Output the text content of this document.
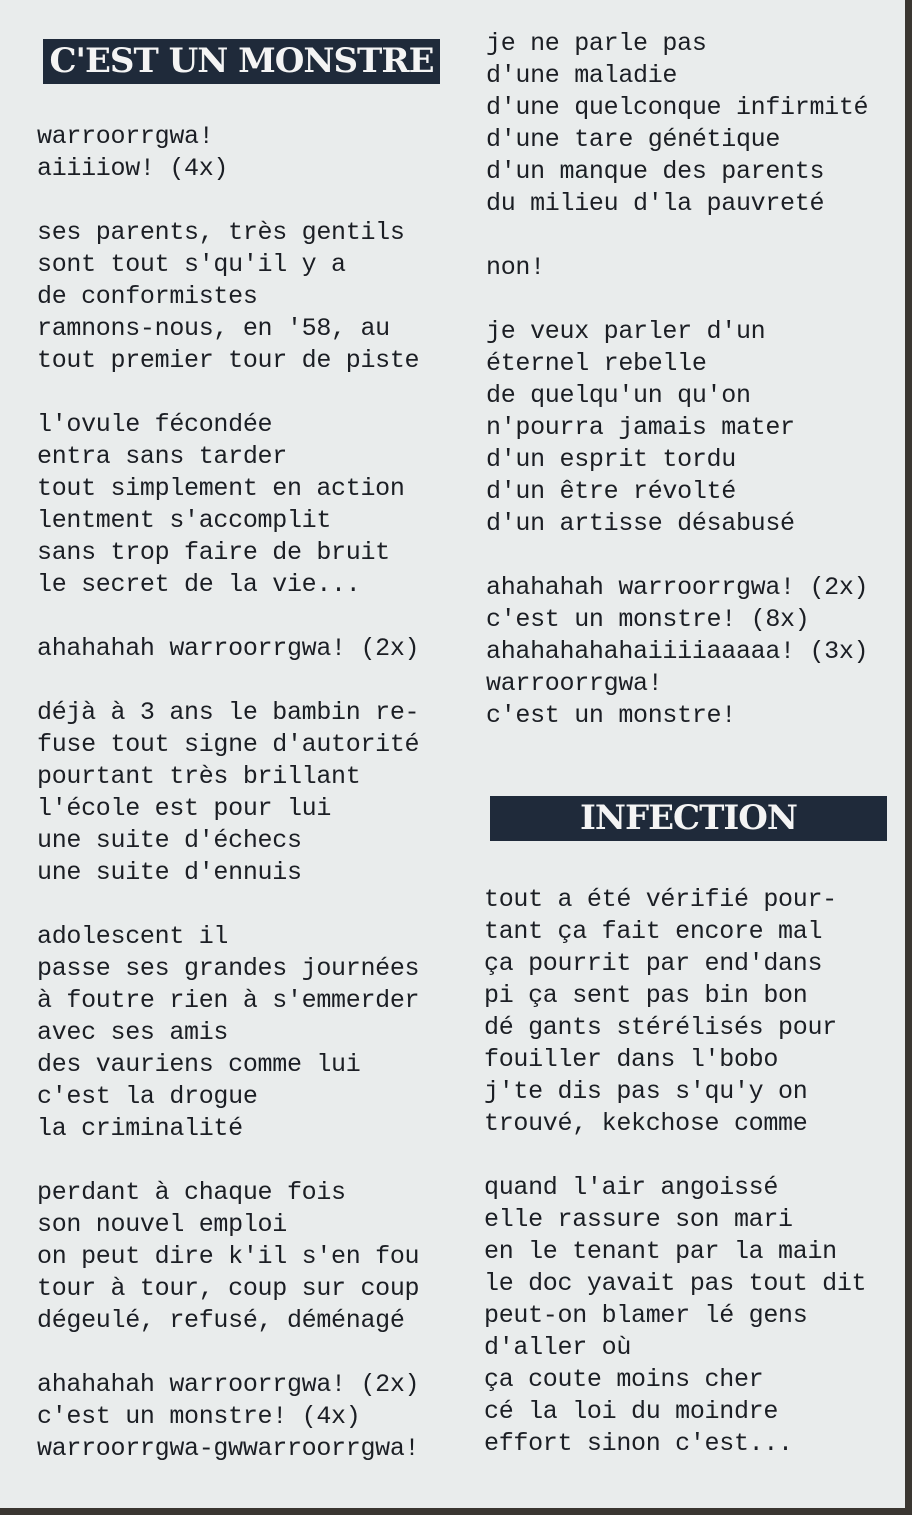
C'EST UN MONSTRE
warroorrgwa!
aiiiiow! (4x)
ses parents, très gentils
sont tout s'qu'il y a
de conformistes
ramnons-nous, en '58, au
tout premier tour de piste
l'ovule fécondée
entra sans tarder
tout simplement en action
lentment s'accomplit
sans trop faire de bruit
le secret de la vie...
ahahahah warroorrgwa! (2x)
déjà à 3 ans le bambin re-
fuse tout signe d'autorité
pourtant très brillant
l'école est pour lui
une suite d'échecs
une suite d'ennuis
adolescent il
passe ses grandes journées
à foutre rien à s'emmerder
avec ses amis
des vauriens comme lui
c'est la drogue
la criminalité
perdant à chaque fois
son nouvel emploi
on peut dire k'il s'en fou
tour à tour, coup sur coup
dégeulé, refusé, déménagé
ahahahah warroorrgwa! (2x)
c'est un monstre! (4x)
warroorrgwa-gwwarroorrgwa!
je ne parle pas
d'une maladie
d'une quelconque infirmité
d'une tare génétique
d'un manque des parents
du milieu d'la pauvreté
non!
je veux parler d'un
éternel rebelle
de quelqu'un qu'on
n'pourra jamais mater
d'un esprit tordu
d'un être révolté
d'un artisse désabusé
ahahahah warroorrgwa! (2x)
c'est un monstre! (8x)
ahahahahahaiiiiaaaaa! (3x)
warroorrgwa!
c'est un monstre!
INFECTION
tout a été vérifié pour-
tant ça fait encore mal
ça pourrit par end'dans
pi ça sent pas bin bon
dé gants stérélisés pour
fouiller dans l'bobo
j'te dis pas s'qu'y on
trouvé, kekchose comme
quand l'air angoissé
elle rassure son mari
en le tenant par la main
le doc yavait pas tout dit
peut-on blamer lé gens
d'aller où
ça coute moins cher
cé la loi du moindre
effort sinon c'est...
